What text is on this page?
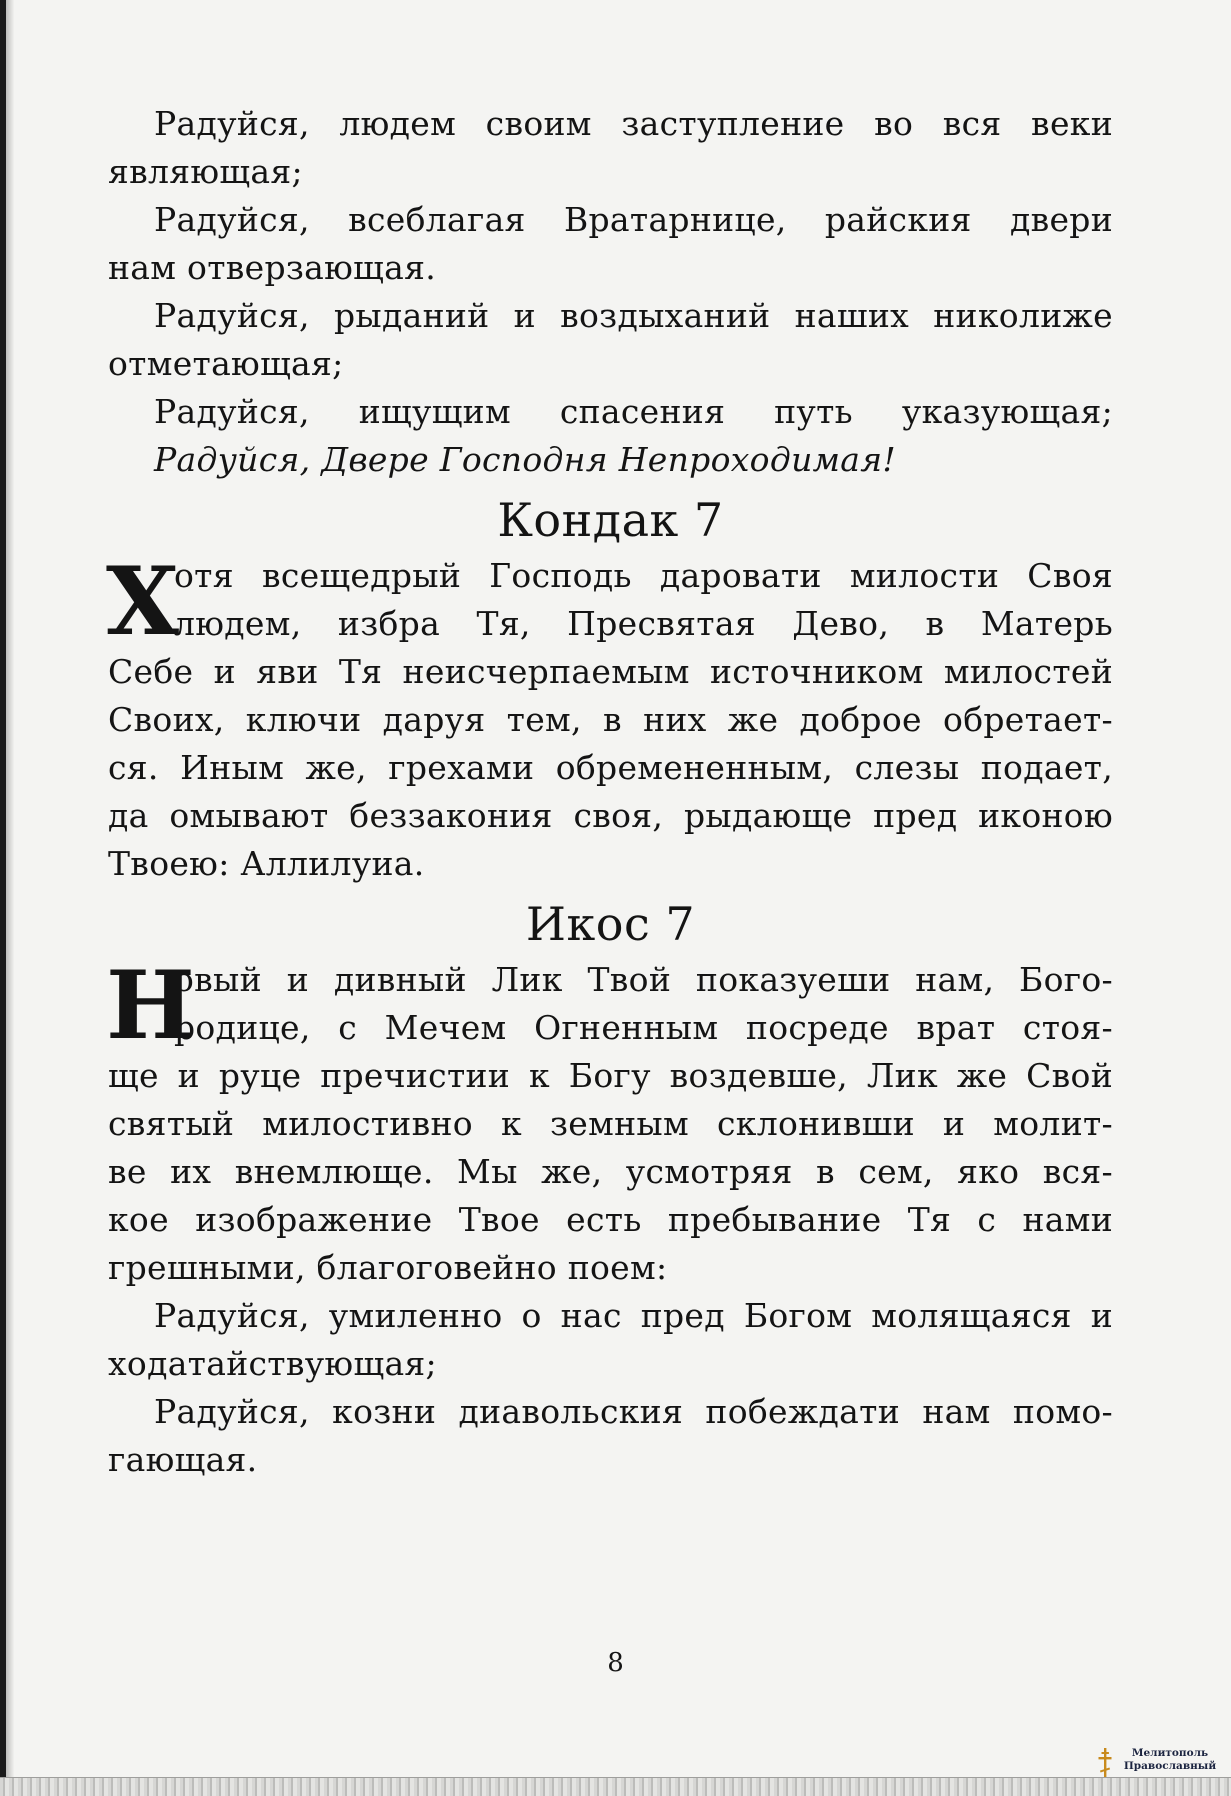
Радуйся, людем своим заступление во вся веки
являющая;
Радуйся, всеблагая Вратарнице, райския двери
нам отверзающая.
Радуйся, рыданий и воздыханий наших николиже
отметающая;
Радуйся, ищущим спасения путь указующая;
Радуйся, Двере Господня Непроходимая!
Кондак 7
Х
отя всещедрый Господь даровати милости Своя
людем, избра Тя, Пресвятая Дево, в Матерь
Себе и яви Тя неисчерпаемым источником милостей
Своих, ключи даруя тем, в них же доброе обретает-
ся. Иным же, грехами обремененным, слезы подает,
да омывают беззакония своя, рыдающе пред иконою
Твоею: Аллилуиа.
Икос 7
Н
овый и дивный Лик Твой показуеши нам, Бого-
родице, с Мечем Огненным посреде врат стоя-
ще и руце пречистии к Богу воздевше, Лик же Свой
святый милостивно к земным склонивши и молит-
ве их внемлюще. Мы же, усмотряя в сем, яко вся-
кое изображение Твое есть пребывание Тя с нами
грешными, благоговейно поем:
Радуйся, умиленно о нас пред Богом молящаяся и
ходатайствующая;
Радуйся, козни диавольския побеждати нам помо-
гающая.
8
Мелитополь
Православный
